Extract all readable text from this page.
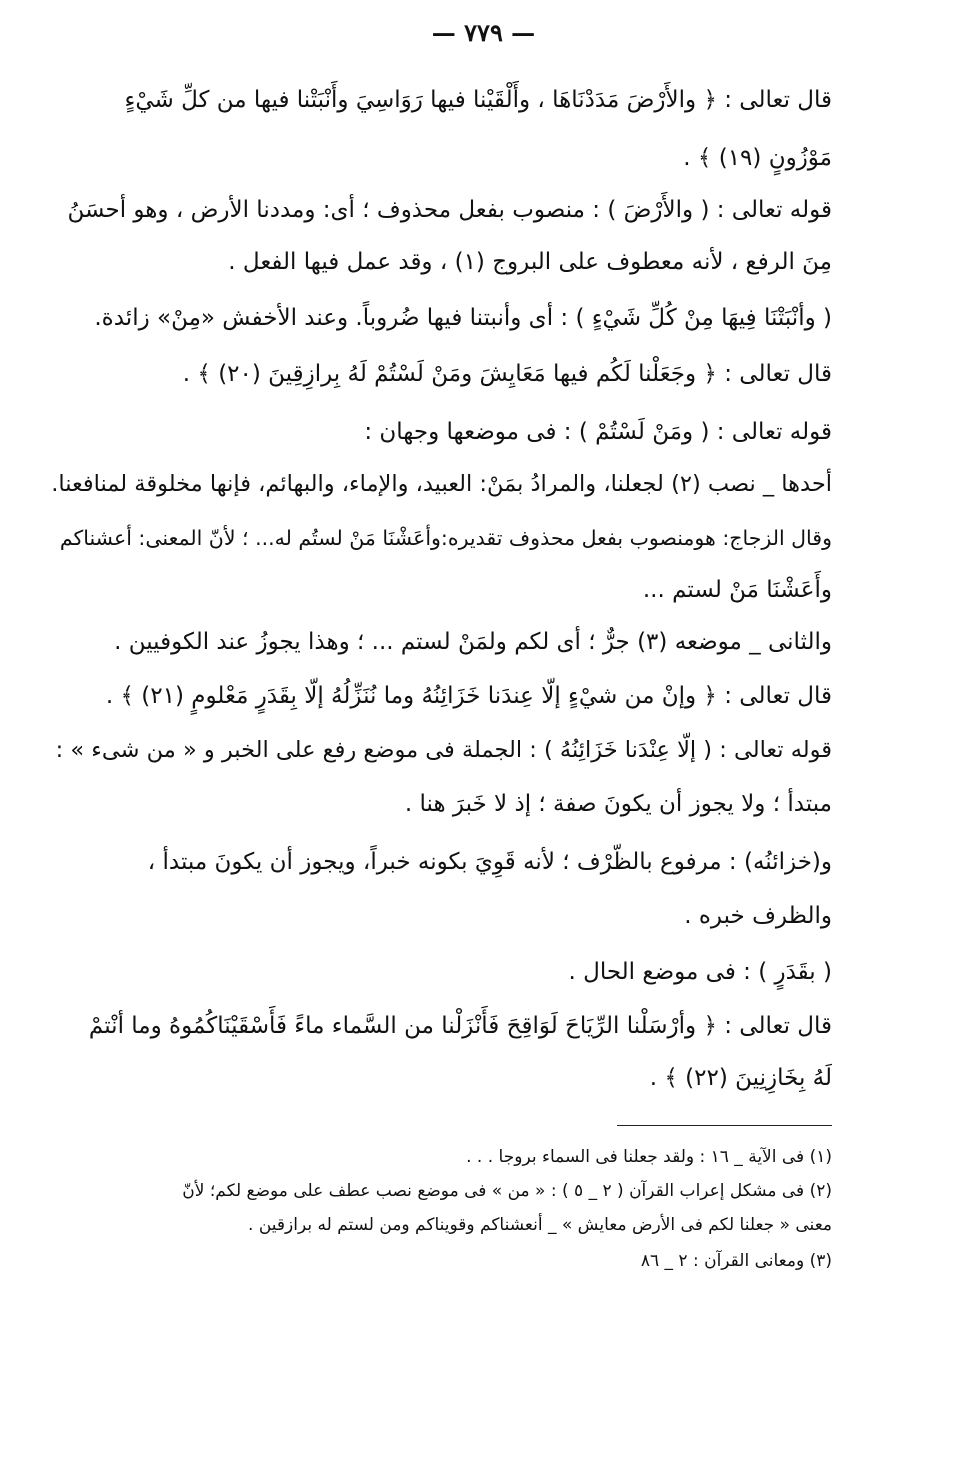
— ٧٧٩ —
قال تعالى : ﴿ والأَرْضَ مَدَدْنَاهَا ، وأَلْقَيْنا فيها رَوَاسِيَ وأَنْبَتْنا فيها من كلِّ شَيْءٍ
مَوْزُونٍ (١٩) ﴾ .
قوله تعالى : ( والأَرْضَ ) : منصوب بفعل محذوف ؛ أى: ومددنا الأرض ، وهو أحسَنُ
مِنَ الرفع ، لأنه معطوف على البروج (١) ، وقد عمل فيها الفعل .
( وأنْبَتْنَا فِيهَا مِنْ كُلِّ شَيْءٍ ) : أى وأنبتنا فيها ضُروباً. وعند الأخفش «مِنْ» زائدة.
قال تعالى : ﴿ وجَعَلْنا لَكُم فيها مَعَايِشَ ومَنْ لَسْتُمْ لَهُ بِرازِقِينَ (٢٠) ﴾ .
قوله تعالى : ( ومَنْ لَسْتُمْ ) : فى موضعها وجهان :
أحدها _ نصب (٢) لجعلنا، والمرادُ بمَنْ: العبيد، والإماء، والبهائم، فإنها مخلوقة لمنافعنا.
وقال الزجاج: هومنصوب بفعل محذوف تقديره:وأعَشْنَا مَنْ لستُم له... ؛ لأنّ المعنى: أعشناكم
وأَعَشْنَا مَنْ لستم ...
والثانى _ موضعه (٣) جرٌّ ؛ أى لكم ولمَنْ لستم ... ؛ وهذا يجوزُ عند الكوفيين .
قال تعالى : ﴿ وإنْ من شيْءٍ إلّا عِندَنا خَزَائِنُهُ وما نُنَزِّلُهُ إلّا بِقَدَرٍ مَعْلومٍ (٢١) ﴾ .
قوله تعالى : ( إلّا عِنْدَنا خَزَائِنُهُ ) : الجملة فى موضع رفع على الخبر و « من شىء » :
مبتدأ ؛ ولا يجوز أن يكونَ صفة ؛ إذ لا خَبرَ هنا .
و(خزائنُه) : مرفوع بالظّرْف ؛ لأنه قَوِيَ بكونه خبراً، ويجوز أن يكونَ مبتدأ ،
والظرف خبره .
( بقَدَرٍ ) : فى موضع الحال .
قال تعالى : ﴿ وأرْسَلْنا الرِّيَاحَ لَوَاقِحَ فَأَنْزَلْنا من السَّماء ماءً فَأَسْقَيْنَاكُمُوهُ وما أنْتمْ
لَهُ بِخَازِنِينَ (٢٢) ﴾ .
(١) فى الآية _ ١٦ : ولقد جعلنا فى السماء بروجا . . .
(٢) فى مشكل إعراب القرآن ( ٢ _ ٥ ) : « من » فى موضع نصب عطف على موضع لكم؛ لأنّ
معنى « جعلنا لكم فى الأرض معايش » _ أنعشناكم وقويناكم ومن لستم له برازقين .
(٣) ومعانى القرآن : ٢ _ ٨٦
